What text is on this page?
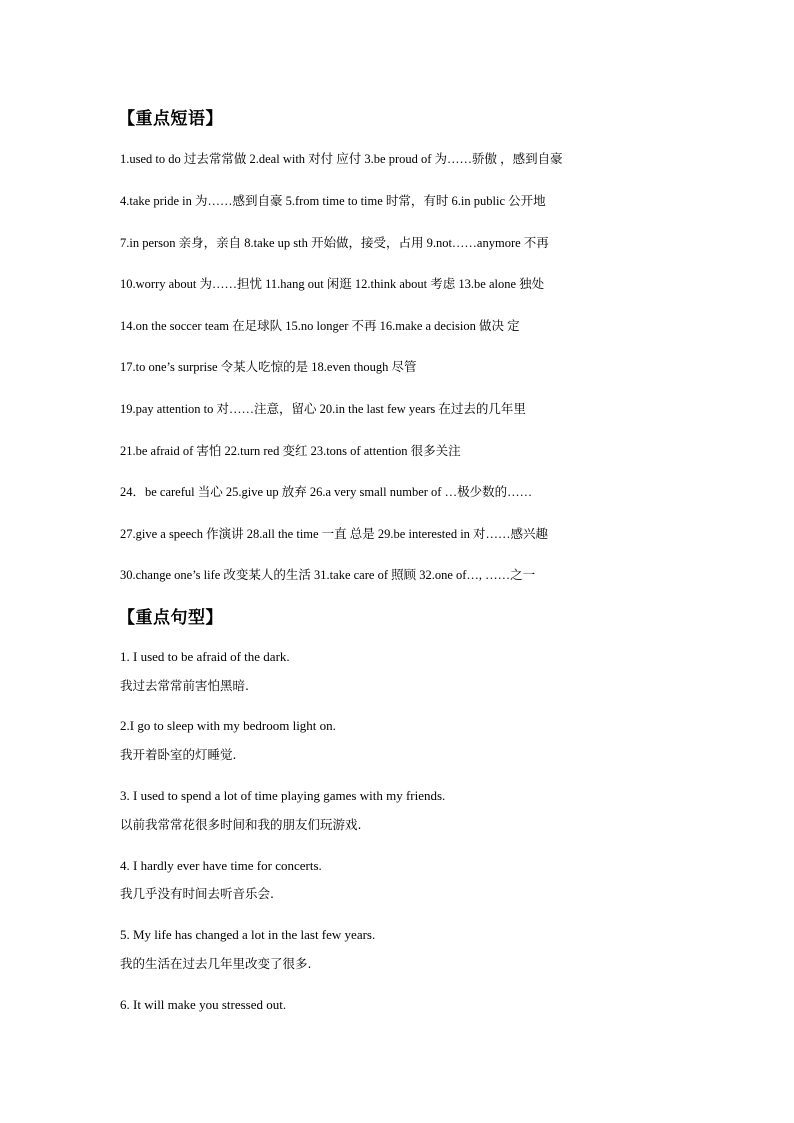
【重点短语】
1.used to do 过去常常做 2.deal with 对付 应付 3.be proud of 为……骄傲 ，感到自豪
4.take pride in 为……感到自豪 5.from time to time 时常，有时 6.in public 公开地
7.in person 亲身，亲自 8.take up sth 开始做，接受，占用 9.not……anymore 不再
10.worry about 为……担忧 11.hang out 闲逛 12.think about 考虑 13.be alone 独处
14.on the soccer team 在足球队 15.no longer 不再 16.make a decision 做决 定
17.to one’s surprise 令某人吃惊的是 18.even though 尽管
19.pay attention to 对……注意，留心 20.in the last few years 在过去的几年里
21.be afraid of 害怕 22.turn red 变红 23.tons of attention 很多关注
24．be careful 当心 25.give up 放弃 26.a very small number of …极少数的……
27.give a speech 作演讲 28.all the time 一直 总是 29.be interested in 对……感兴趣
30.change one’s life 改变某人的生活 31.take care of 照顾 32.one of…, ……之一
【重点句型】
1. I used to be afraid of the dark.
我过去常常前害怕黑暗.
2.I go to sleep with my bedroom light on.
我开着卧室的灯睡觉.
3. I used to spend a lot of time playing games with my friends.
以前我常常花很多时间和我的朋友们玩游戏.
4. I hardly ever have time for concerts.
我几乎没有时间去听音乐会.
5. My life has changed a lot in the last few years.
我的生活在过去几年里改变了很多.
6. It will make you stressed out.
